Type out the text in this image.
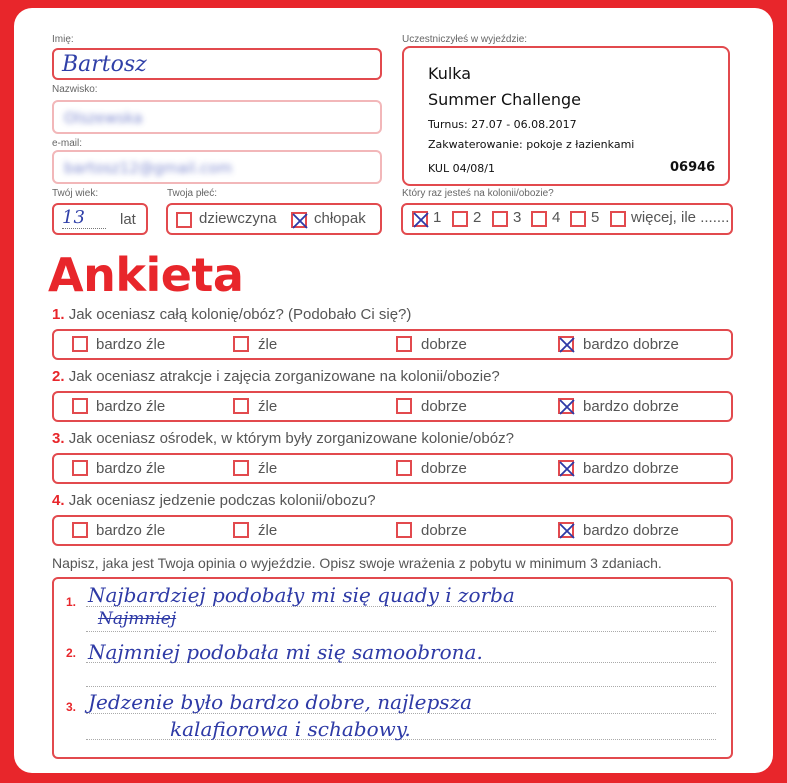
Imię:
Bartosz
Nazwisko:
Olszewska
e-mail:
bartosz12@gmail.com
Twój wiek:
13	lat
Twoja płeć:
dziewczyna chłopak
Uczestniczyłeś w wyjeździe:
Kulka
Summer Challenge
Turnus: 27.07 - 06.08.2017
Zakwaterowanie: pokoje z łazienkami
KUL 04/08/1	06946
Który raz jesteś na kolonii/obozie?
1 2 3 4 5 więcej, ile .......
Ankieta
1. Jak oceniasz całą kolonię/obóz? (Podobało Ci się?)
bardzo źle	źle	dobrze	bardzo dobrze
2. Jak oceniasz atrakcje i zajęcia zorganizowane na kolonii/obozie?
bardzo źle	źle	dobrze	bardzo dobrze
3. Jak oceniasz ośrodek, w którym były zorganizowane kolonie/obóz?
bardzo źle	źle	dobrze	bardzo dobrze
4. Jak oceniasz jedzenie podczas kolonii/obozu?
bardzo źle	źle	dobrze	bardzo dobrze
Napisz, jaka jest Twoja opinia o wyjeździe. Opisz swoje wrażenia z pobytu w minimum 3 zdaniach.
1.
2.
3.
Najbardziej podobały mi się quady i zorba
Najmniej
Najmniej podobała mi się samoobrona.
Jedzenie było bardzo dobre, najlepsza
kalafiorowa i schabowy.
